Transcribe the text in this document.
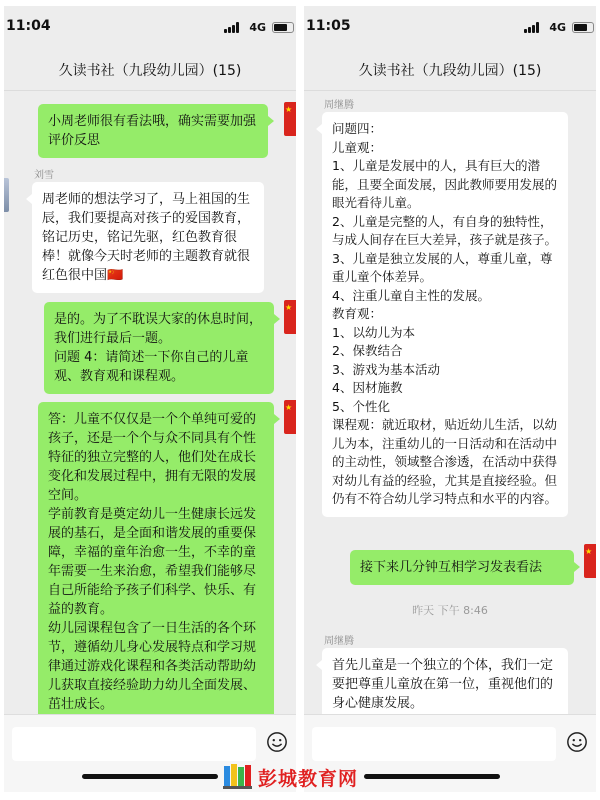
11:04	4G
久读书社（九段幼儿园）(15)
小周老师很有看法哦，确实需要加强评价反思
★
刘雪
周老师的想法学习了，马上祖国的生辰，我们要提高对孩子的爱国教育，铭记历史，铭记先驱，红色教育很棒！就像今天时老师的主题教育就很红色很中国🇨🇳
是的。为了不耽误大家的休息时间，我们进行最后一题。
问题 4：请简述一下你自己的儿童观、教育观和课程观。
★
答：儿童不仅仅是一个个单纯可爱的孩子，还是一个个与众不同具有个性特征的独立完整的人，他们处在成长变化和发展过程中，拥有无限的发展空间。
学前教育是奠定幼儿一生健康长远发展的基石，是全面和谐发展的重要保障，幸福的童年治愈一生，不幸的童年需要一生来治愈，希望我们能够尽自己所能给予孩子们科学、快乐、有益的教育。
幼儿园课程包含了一日生活的各个环节，遵循幼儿身心发展特点和学习规律通过游戏化课程和各类活动帮助幼儿获取直接经验助力幼儿全面发展、茁壮成长。
★
11:05	4G
久读书社（九段幼儿园）(15)
周继腾
问题四：
儿童观：
1、儿童是发展中的人，具有巨大的潜能，且要全面发展，因此教师要用发展的眼光看待儿童。
2、儿童是完整的人，有自身的独特性，与成人间存在巨大差异，孩子就是孩子。
3、儿童是独立发展的人，尊重儿童，尊重儿童个体差异。
4、注重儿童自主性的发展。
教育观：
1、以幼儿为本
2、保教结合
3、游戏为基本活动
4、因材施教
5、个性化
课程观：就近取材，贴近幼儿生活，以幼儿为本，注重幼儿的一日活动和在活动中的主动性，领域整合渗透，在活动中获得对幼儿有益的经验，尤其是直接经验。但仍有不符合幼儿学习特点和水平的内容。
接下来几分钟互相学习发表看法
★
昨天 下午 8:46
周继腾
首先儿童是一个独立的个体，我们一定要把尊重儿童放在第一位，重视他们的身心健康发展。
彭城教育网
